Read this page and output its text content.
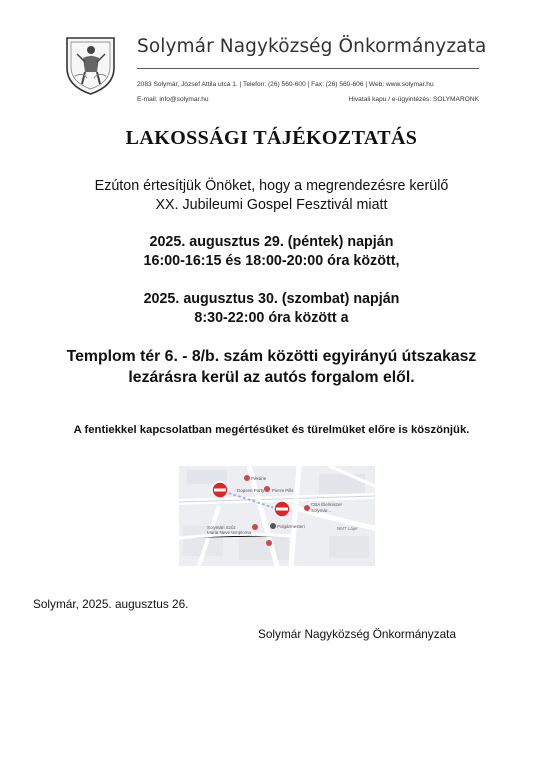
Solymár Nagyközség Önkormányzata
2083 Solymár, József Attila utca 1. | Telefon: (26) 560-600 | Fax: (26) 560-606 | Web: www.solymar.hu
E-mail: info@solymar.hu	Hivatali kapu / e-ügyintézés: SOLYMARONK
LAKOSSÁGI TÁJÉKOZTATÁS
Ezúton értesítjük Önöket, hogy a megrendezésre kerülő
XX. Jubileumi Gospel Fesztivál miatt
2025. augusztus 29. (péntek) napján
16:00-16:15 és 18:00-20:00 óra között,
2025. augusztus 30. (szombat) napján
8:30-22:00 óra között a
Templom tér 6. - 8/b. szám közötti egyirányú útszakasz
lezárásra kerül az autós forgalom elől.
A fentiekkel kapcsolatban megértésüket és türelmüket előre is köszönjük.
Pékárie
Dopsen Party Pierre Pills
CBA Élelmiszer
Solymár...
Polgármesteri
Solymári Szűz
Mária Neve temploma
NMT Lájer
Solymár, 2025. augusztus 26.
Solymár Nagyközség Önkormányzata
